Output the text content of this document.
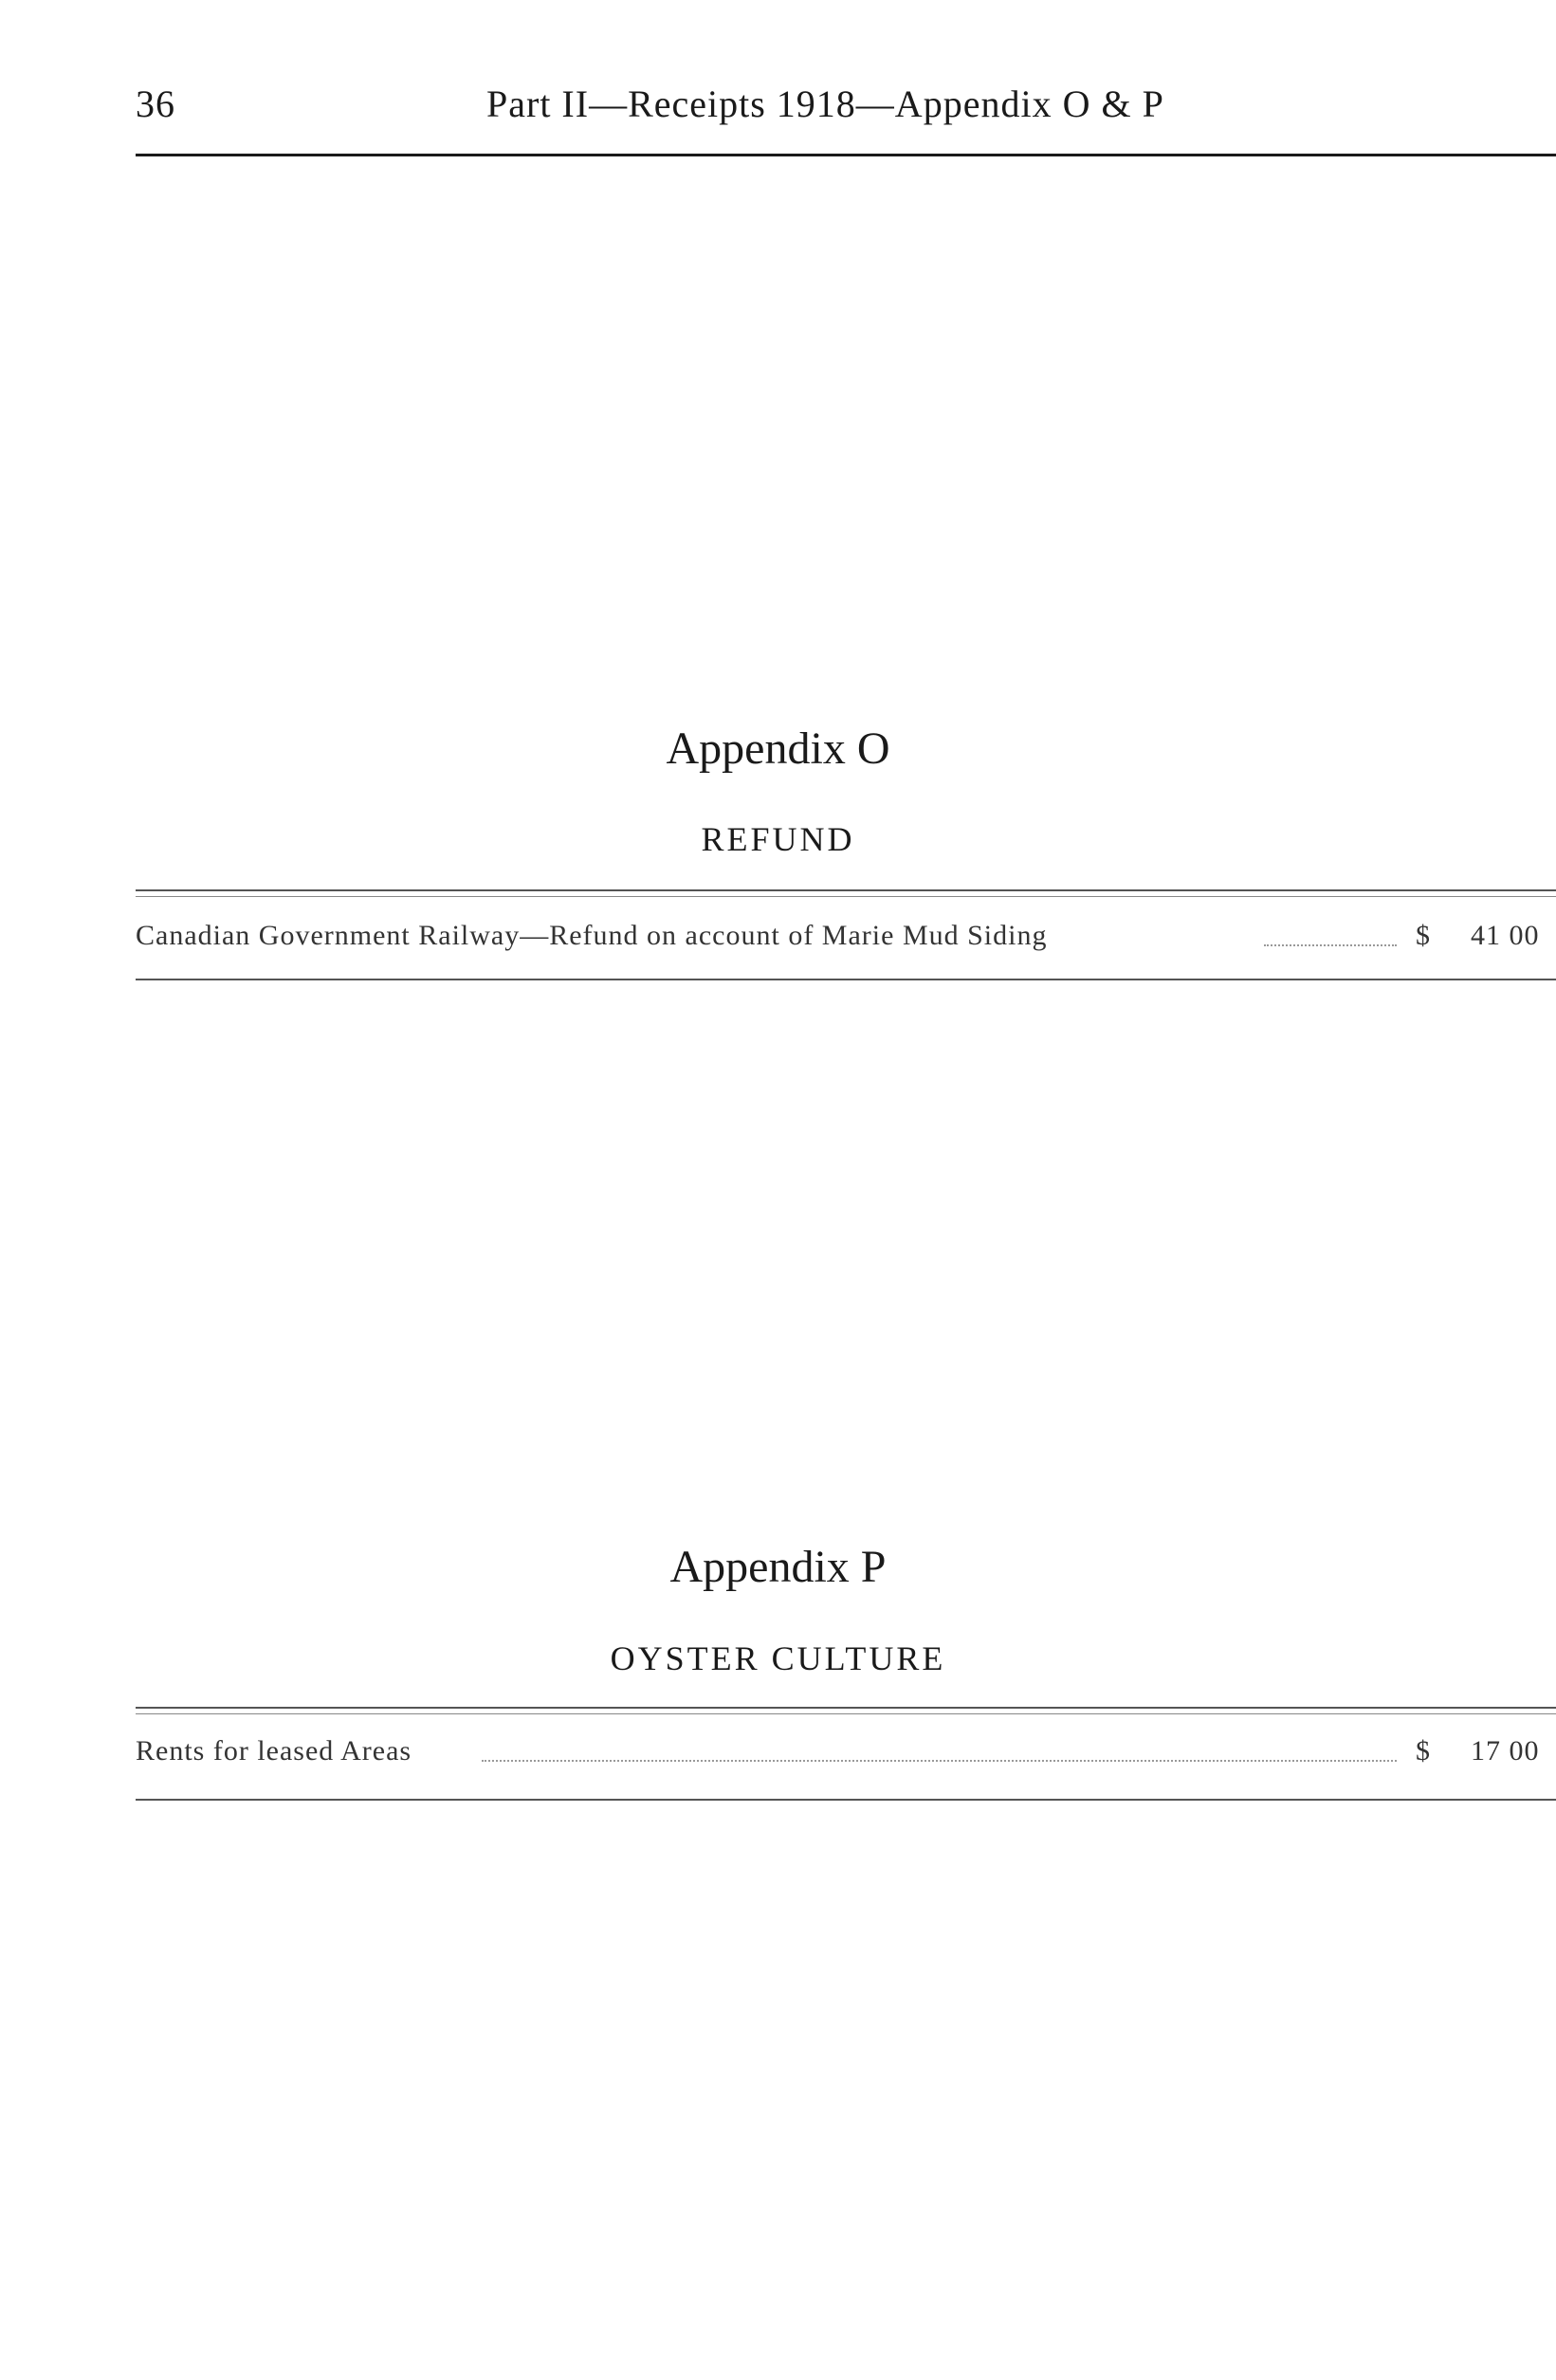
36	Part II—Receipts 1918—Appendix O & P
Appendix O
REFUND
Canadian Government Railway—Refund on account of Marie Mud Siding	$ 41 00
Appendix P
OYSTER CULTURE
Rents for leased Areas	$ 17 00
